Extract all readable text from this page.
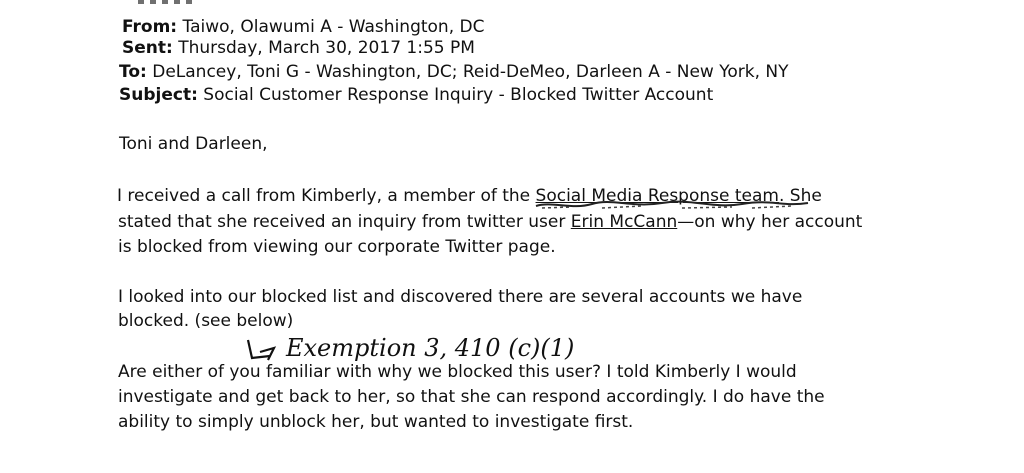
From: Taiwo, Olawumi A - Washington, DC
Sent: Thursday, March 30, 2017 1:55 PM
To: DeLancey, Toni G - Washington, DC; Reid-DeMeo, Darleen A - New York, NY
Subject: Social Customer Response Inquiry - Blocked Twitter Account
Toni and Darleen,
I received a call from Kimberly, a member of the Social Media Response team. She
stated that she received an inquiry from twitter user Erin McCann—on why her account
is blocked from viewing our corporate Twitter page.
I looked into our blocked list and discovered there are several accounts we have
blocked. (see below)
Exemption 3, 410 (c)(1)
Are either of you familiar with why we blocked this user? I told Kimberly I would
investigate and get back to her, so that she can respond accordingly. I do have the
ability to simply unblock her, but wanted to investigate first.
